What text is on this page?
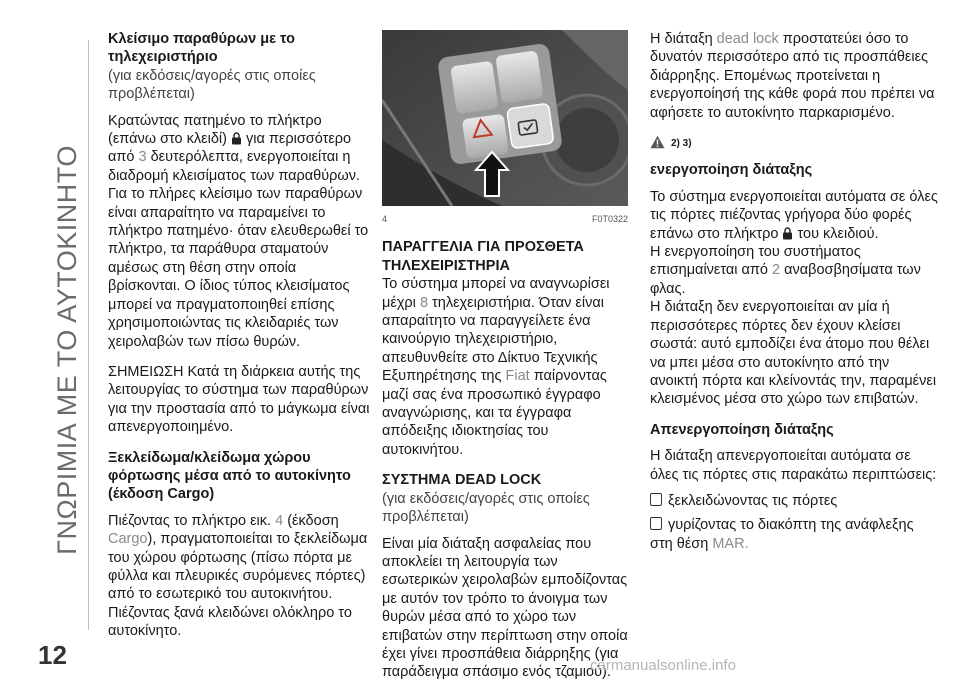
ΓΝΩΡΙΜΙΑ ΜΕ ΤΟ ΑΥΤΟΚΙΝΗΤΟ
12

Κλείσιμο παραθύρων με το τηλεχειριστήριο

(για εκδόσεις/αγορές στις οποίες προβλέπεται)

Κρατώντας πατημένο το πλήκτρο (επάνω στο κλειδί) για περισσότερο από 3 δευτερόλεπτα, ενεργοποιείται η διαδρομή κλεισίματος των παραθύρων. Για το πλήρες κλείσιμο των παραθύρων είναι απαραίτητο να παραμείνει το πλήκτρο πατημένο· όταν ελευθερωθεί το πλήκτρο, τα παράθυρα σταματούν αμέσως στη θέση στην οποία βρίσκονται. Ο ίδιος τύπος κλεισίματος μπορεί να πραγματοποιηθεί επίσης χρησιμοποιώντας τις κλειδαριές των χειρολαβών των πίσω θυρών.

ΣΗΜΕΙΩΣΗ Κατά τη διάρκεια αυτής της λειτουργίας το σύστημα των παραθύρων για την προστασία από το μάγκωμα είναι απενεργοποιημένο.

Ξεκλείδωμα/κλείδωμα χώρου φόρτωσης μέσα από το αυτοκίνητο (έκδοση Cargo)

Πιέζοντας το πλήκτρο εικ. 4 (έκδοση Cargo), πραγματοποιείται το ξεκλείδωμα του χώρου φόρτωσης (πίσω πόρτα με φύλλα και πλευρικές συρόμενες πόρτες) από το εσωτερικό του αυτοκινήτου. Πιέζοντας ξανά κλειδώνει ολόκληρο το αυτοκίνητο.

4	F0T0322

ΠΑΡΑΓΓΕΛΙΑ ΓΙΑ ΠΡΟΣΘΕΤΑ ΤΗΛΕΧΕΙΡΙΣΤΗΡΙΑ

Το σύστημα μπορεί να αναγνωρίσει μέχρι 8 τηλεχειριστήρια. Όταν είναι απαραίτητο να παραγγείλετε ένα καινούργιο τηλεχειριστήριο, απευθυνθείτε στο Δίκτυο Τεχνικής Εξυπηρέτησης της Fiat παίρνοντας μαζί σας ένα προσωπικό έγγραφο αναγνώρισης, και τα έγγραφα απόδειξης ιδιοκτησίας του αυτοκινήτου.

ΣΥΣΤΗΜΑ DEAD LOCK

(για εκδόσεις/αγορές στις οποίες προβλέπεται)

Είναι μία διάταξη ασφαλείας που αποκλείει τη λειτουργία των εσωτερικών χειρολαβών εμποδίζοντας με αυτόν τον τρόπο το άνοιγμα των θυρών μέσα από το χώρο των επιβατών στην περίπτωση στην οποία έχει γίνει προσπάθεια διάρρηξης (για παράδειγμα σπάσιμο ενός τζαμιού).

Η διάταξη dead lock προστατεύει όσο το δυνατόν περισσότερο από τις προσπάθειες διάρρηξης. Επομένως προτείνεται η ενεργοποίησή της κάθε φορά που πρέπει να αφήσετε το αυτοκίνητο παρκαρισμένο.

2) 3)

ενεργοποίηση διάταξης

Το σύστημα ενεργοποιείται αυτόματα σε όλες τις πόρτες πιέζοντας γρήγορα δύο φορές επάνω στο πλήκτρο του κλειδιού.

Η ενεργοποίηση του συστήματος επισημαίνεται από 2 αναβοσβησίματα των φλας.

Η διάταξη δεν ενεργοποιείται αν μία ή περισσότερες πόρτες δεν έχουν κλείσει σωστά: αυτό εμποδίζει ένα άτομο που θέλει να μπει μέσα στο αυτοκίνητο από την ανοικτή πόρτα και κλείνοντάς την, παραμένει κλεισμένος μέσα στο χώρο των επιβατών.

Απενεργοποίηση διάταξης

Η διάταξη απενεργοποιείται αυτόματα σε όλες τις πόρτες στις παρακάτω περιπτώσεις:

ξεκλειδώνοντας τις πόρτες

γυρίζοντας το διακόπτη της ανάφλεξης στη θέση MAR.

carmanualsonline.info
